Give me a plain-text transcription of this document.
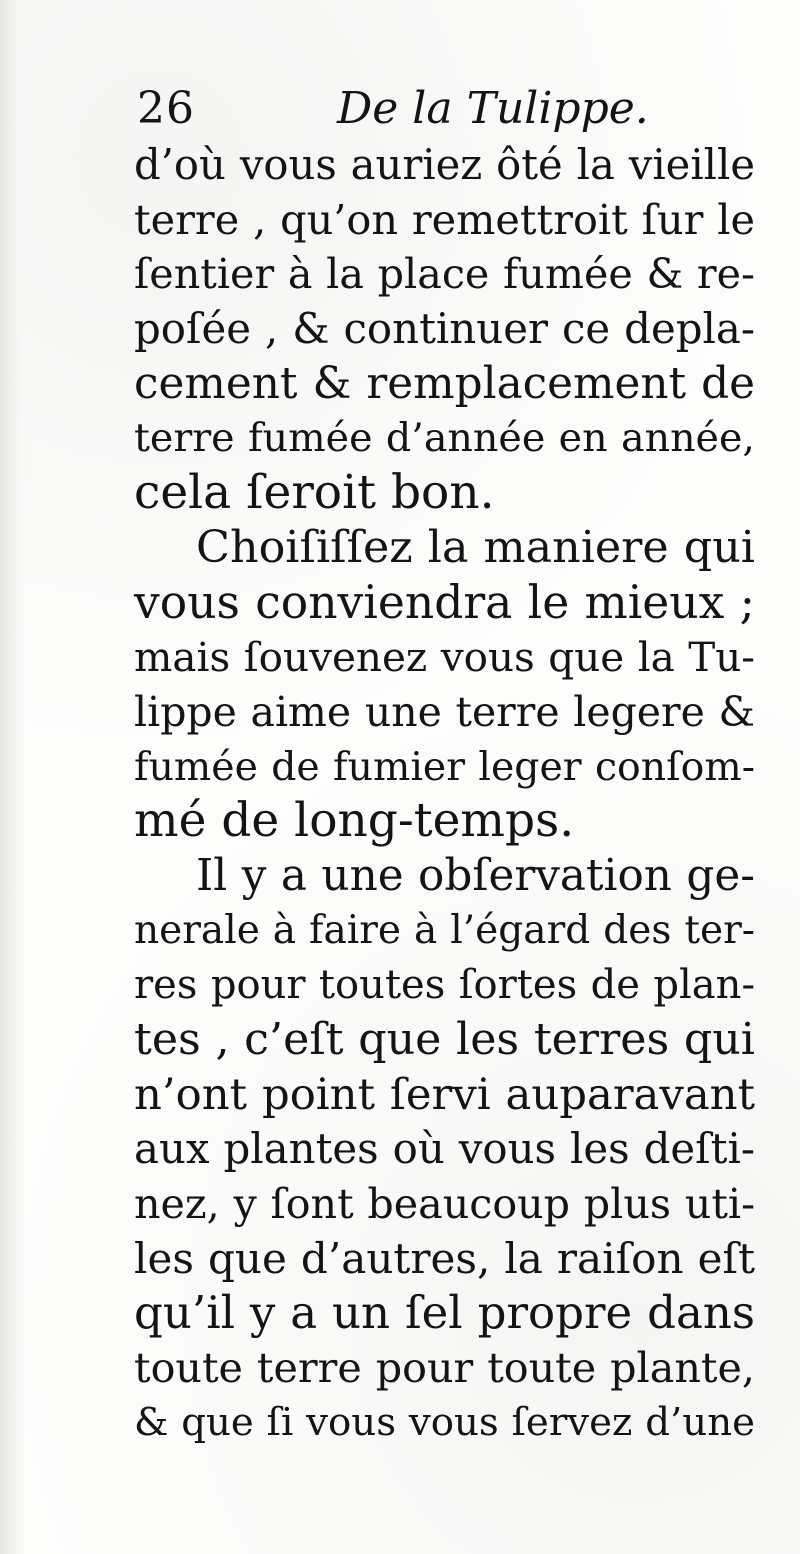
26	De la Tulippe.
d’où vous auriez ôté la vieille
terre , qu’on remettroit ſur le
ſentier à la place fumée & re-
poſée , & continuer ce depla-
cement & remplacement de
terre fumée d’année en année,
cela ſeroit bon.
Choiſiſſez la maniere qui
vous conviendra le mieux ;
mais ſouvenez vous que la Tu-
lippe aime une terre legere &
fumée de fumier leger conſom-
mé de long-temps.
Il y a une obſervation ge-
nerale à faire à l’égard des ter-
res pour toutes ſortes de plan-
tes , c’eſt que les terres qui
n’ont point ſervi auparavant
aux plantes où vous les deſti-
nez, y ſont beaucoup plus uti-
les que d’autres, la raiſon eſt
qu’il y a un ſel propre dans
toute terre pour toute plante,
& que ſi vous vous ſervez d’une
